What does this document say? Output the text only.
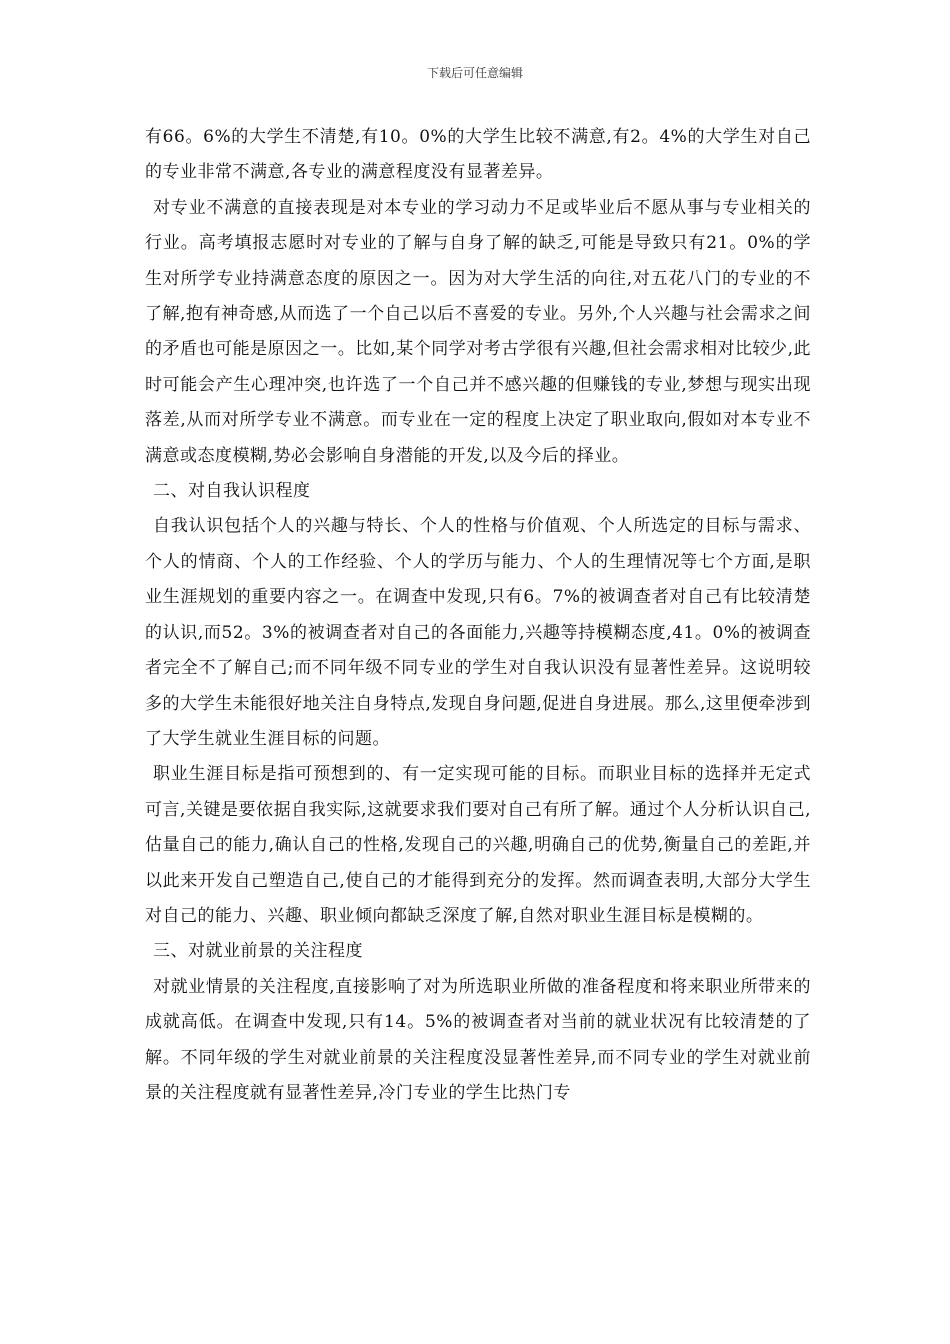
下载后可任意编辑

有66。6%的大学生不清楚,有10。0%的大学生比较不满意,有2。4%的大学生对自己的专业非常不满意,各专业的满意程度没有显著差异。

对专业不满意的直接表现是对本专业的学习动力不足或毕业后不愿从事与专业相关的行业。高考填报志愿时对专业的了解与自身了解的缺乏,可能是导致只有21。0%的学生对所学专业持满意态度的原因之一。因为对大学生活的向往,对五花八门的专业的不了解,抱有神奇感,从而选了一个自己以后不喜爱的专业。另外,个人兴趣与社会需求之间的矛盾也可能是原因之一。比如,某个同学对考古学很有兴趣,但社会需求相对比较少,此时可能会产生心理冲突,也许选了一个自己并不感兴趣的但赚钱的专业,梦想与现实出现落差,从而对所学专业不满意。而专业在一定的程度上决定了职业取向,假如对本专业不满意或态度模糊,势必会影响自身潜能的开发,以及今后的择业。

二、对自我认识程度

自我认识包括个人的兴趣与特长、个人的性格与价值观、个人所选定的目标与需求、个人的情商、个人的工作经验、个人的学历与能力、个人的生理情况等七个方面,是职业生涯规划的重要内容之一。在调查中发现,只有6。7%的被调查者对自己有比较清楚的认识,而52。3%的被调查者对自己的各面能力,兴趣等持模糊态度,41。0%的被调查者完全不了解自己;而不同年级不同专业的学生对自我认识没有显著性差异。这说明较多的大学生未能很好地关注自身特点,发现自身问题,促进自身进展。那么,这里便牵涉到了大学生就业生涯目标的问题。

职业生涯目标是指可预想到的、有一定实现可能的目标。而职业目标的选择并无定式可言,关键是要依据自我实际,这就要求我们要对自己有所了解。通过个人分析认识自己,估量自己的能力,确认自己的性格,发现自己的兴趣,明确自己的优势,衡量自己的差距,并以此来开发自己塑造自己,使自己的才能得到充分的发挥。然而调查表明,大部分大学生对自己的能力、兴趣、职业倾向都缺乏深度了解,自然对职业生涯目标是模糊的。

三、对就业前景的关注程度

对就业情景的关注程度,直接影响了对为所选职业所做的准备程度和将来职业所带来的成就高低。在调查中发现,只有14。5%的被调查者对当前的就业状况有比较清楚的了解。不同年级的学生对就业前景的关注程度没显著性差异,而不同专业的学生对就业前景的关注程度就有显著性差异,冷门专业的学生比热门专
